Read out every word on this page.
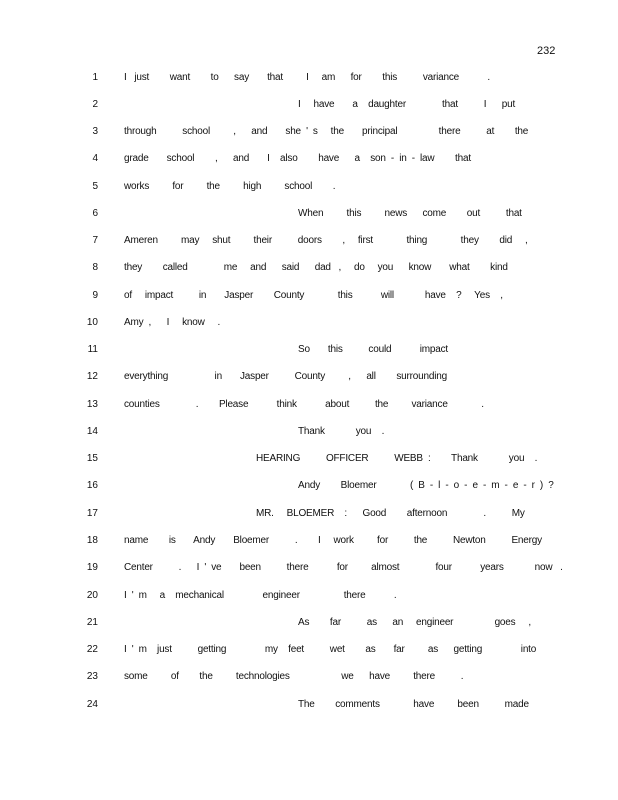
232
1	I   just        want        to      say       that         I     am      for        this          variance           .
2	I     have       a    daughter              that          I      put
3	through          school         ,      and       she  '  s     the       principal                there          at        the
4	grade       school        ,      and       I    also        have      a    son  -  in  -  law        that
5	works         for         the         high         school        .
6	When         this         news      come        out          that
7	Ameren         may     shut         their          doors        ,     first             thing             they        did     ,
8	they        called              me     and      said      dad   ,     do     you      know       what        kind
9	of     impact          in       Jasper        County             this           will            have    ?     Yes    ,
10	Amy  ,      I     know     .
11	So       this          could           impact
12	everything                  in       Jasper          County         ,      all        surrounding
13	counties              .        Please           think           about          the         variance             .
14	Thank            you    .
15	HEARING          OFFICER          WEBB  :        Thank            you    .
16	Andy        Bloemer             (  B  -  l  -  o  -  e  -  m  -  e  -  r  )  ?
17	MR.     BLOEMER    :      Good        afternoon              .          My
18	name        is       Andy       Bloemer          .        I     work         for          the          Newton          Energy
19	Center          .      I  '  ve       been          there           for         almost              four           years            now   .
20	I  '  m     a    mechanical               engineer                 there           .
21	As        far          as      an     engineer                goes     ,
22	I  '  m    just          getting               my    feet          wet        as       far         as      getting               into
23	some         of        the         technologies                    we      have         there          .
24	The        comments             have         been          made
